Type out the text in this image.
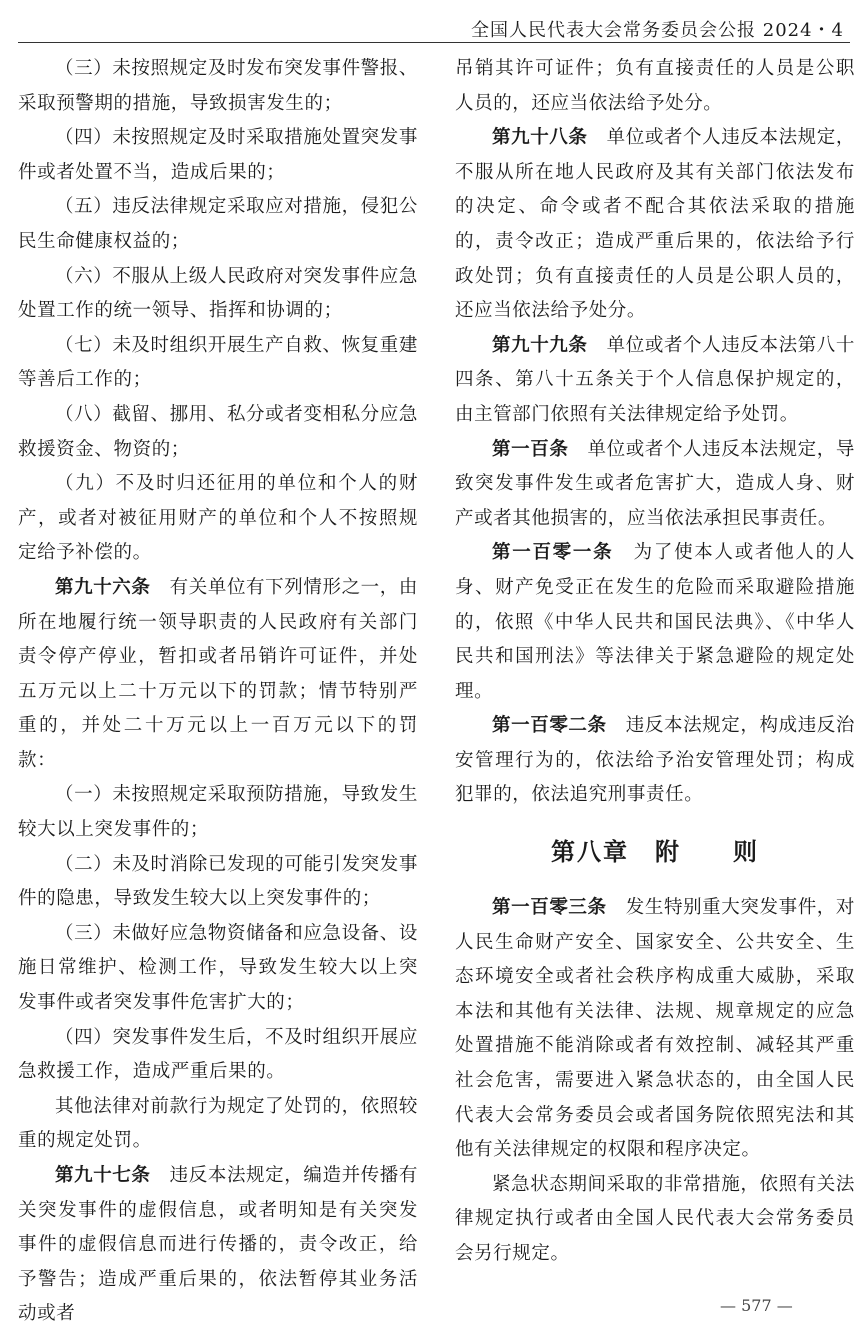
全国人民代表大会常务委员会公报 2024・4

（三）未按照规定及时发布突发事件警报、采取预警期的措施，导致损害发生的；

（四）未按照规定及时采取措施处置突发事件或者处置不当，造成后果的；

（五）违反法律规定采取应对措施，侵犯公民生命健康权益的；

（六）不服从上级人民政府对突发事件应急处置工作的统一领导、指挥和协调的；

（七）未及时组织开展生产自救、恢复重建等善后工作的；

（八）截留、挪用、私分或者变相私分应急救援资金、物资的；

（九）不及时归还征用的单位和个人的财产，或者对被征用财产的单位和个人不按照规定给予补偿的。

第九十六条　 有关单位有下列情形之一，由所在地履行统一领导职责的人民政府有关部门责令停产停业，暂扣或者吊销许可证件，并处五万元以上二十万元以下的罚款；情节特别严重的，并处二十万元以上一百万元以下的罚款：

（一）未按照规定采取预防措施，导致发生较大以上突发事件的；

（二）未及时消除已发现的可能引发突发事件的隐患，导致发生较大以上突发事件的；

（三）未做好应急物资储备和应急设备、设施日常维护、检测工作，导致发生较大以上突发事件或者突发事件危害扩大的；

（四）突发事件发生后，不及时组织开展应急救援工作，造成严重后果的。

其他法律对前款行为规定了处罚的，依照较重的规定处罚。

第九十七条　 违反本法规定，编造并传播有关突发事件的虚假信息，或者明知是有关突发事件的虚假信息而进行传播的，责令改正，给予警告；造成严重后果的，依法暂停其业务活动或者

吊销其许可证件；负有直接责任的人员是公职人员的，还应当依法给予处分。

第九十八条　 单位或者个人违反本法规定，不服从所在地人民政府及其有关部门依法发布的决定、命令或者不配合其依法采取的措施的，责令改正；造成严重后果的，依法给予行政处罚；负有直接责任的人员是公职人员的，还应当依法给予处分。

第九十九条　 单位或者个人违反本法第八十四条、第八十五条关于个人信息保护规定的，由主管部门依照有关法律规定给予处罚。

第一百条　 单位或者个人违反本法规定，导致突发事件发生或者危害扩大，造成人身、财产或者其他损害的，应当依法承担民事责任。

第一百零一条　 为了使本人或者他人的人身、财产免受正在发生的危险而采取避险措施的，依照《中华人民共和国民法典》、《中华人民共和国刑法》等法律关于紧急避险的规定处理。

第一百零二条　 违反本法规定，构成违反治安管理行为的，依法给予治安管理处罚；构成犯罪的，依法追究刑事责任。

第八章　附　　则

第一百零三条　 发生特别重大突发事件，对人民生命财产安全、国家安全、公共安全、生态环境安全或者社会秩序构成重大威胁，采取本法和其他有关法律、法规、规章规定的应急处置措施不能消除或者有效控制、减轻其严重社会危害，需要进入紧急状态的，由全国人民代表大会常务委员会或者国务院依照宪法和其他有关法律规定的权限和程序决定。

紧急状态期间采取的非常措施，依照有关法律规定执行或者由全国人民代表大会常务委员会另行规定。

— 577 —
